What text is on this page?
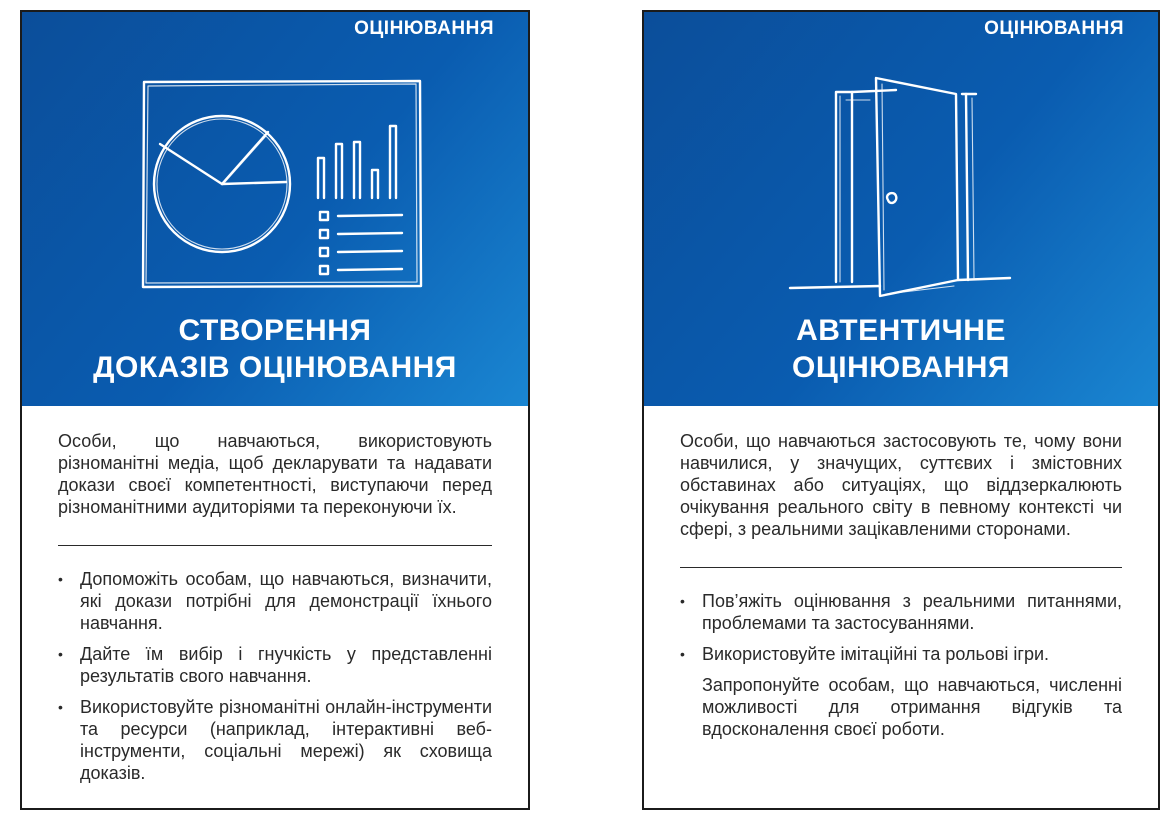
ОЦІНЮВАННЯ
СТВОРЕННЯ
ДОКАЗІВ ОЦІНЮВАННЯ

Особи, що навчаються, використовують різноманітні медіа, щоб декларувати та надавати докази своєї компетентності, виступаючи перед різноманітними аудиторіями та переконуючи їх.

• Допоможіть особам, що навчаються, визначити, які докази потрібні для демонстрації їхнього навчання.
• Дайте їм вибір і гнучкість у представленні результатів свого навчання.
• Використовуйте різноманітні онлайн-інструменти та ресурси (наприклад, інтерактивні веб-інструменти, соціальні мережі) як сховища доказів.
ОЦІНЮВАННЯ
АВТЕНТИЧНЕ
ОЦІНЮВАННЯ

Особи, що навчаються застосовують те, чому вони навчилися, у значущих, суттєвих і змістовних обставинах або ситуаціях, що віддзеркалюють очікування реального світу в певному контексті чи сфері, з реальними зацікавленими сторонами.

• Пов’яжіть оцінювання з реальними питаннями, проблемами та застосуваннями.
• Використовуйте імітаційні та рольові ігри.
Запропонуйте особам, що навчаються, численні можливості для отримання відгуків та вдосконалення своєї роботи.
